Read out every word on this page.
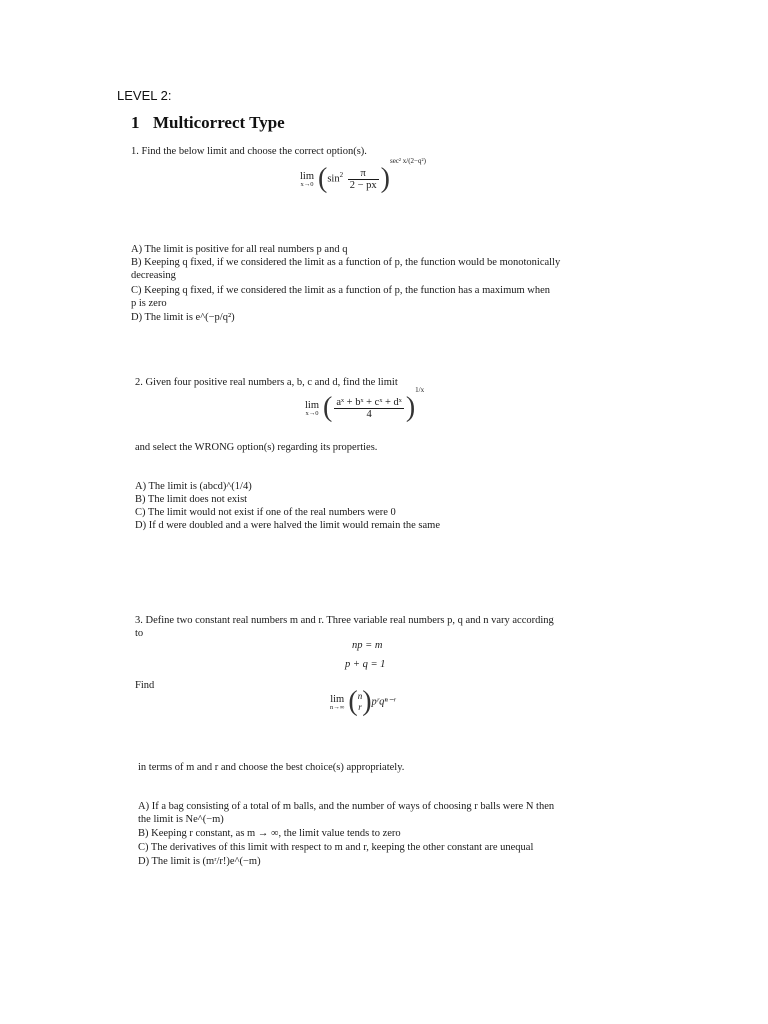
LEVEL 2:
1 Multicorrect Type
1. Find the below limit and choose the correct option(s).
lim
x→0 $(\sin^2 \frac{\pi}{2 - px} )^{sec^2 x/(2-q^2)}$
A) The limit is positive for all real numbers p and q
B) Keeping q fixed, if we considered the limit as a function of p, the function would be monotonically
decreasing
C) Keeping q fixed, if we considered the limit as a function of p, the function has a maximum when
p is zero
D) The limit is e^(−p/q²)
2. Given four positive real numbers a, b, c and d, find the limit
lim
x→0 ( $\frac{\text{aˣ + bˣ + cˣ + dˣ}}{4} )^{1/x}$
and select the WRONG option(s) regarding its properties.
A) The limit is (abcd)^(1/4)
B) The limit does not exist
C) The limit would not exist if one of the real numbers were 0
D) If d were doubled and a were halved the limit would remain the same
3. Define two constant real numbers m and r. Three variable real numbers p, q and n vary according
to
np = m
p + q = 1
Find
lim
n→∞ ( n
r )pʳqⁿ⁻ʳ
in terms of m and r and choose the best choice(s) appropriately.
A) If a bag consisting of a total of m balls, and the number of ways of choosing r balls were N then
the limit is Ne^(−m)
B) Keeping r constant, as m → ∞, the limit value tends to zero
C) The derivatives of this limit with respect to m and r, keeping the other constant are unequal
D) The limit is (mʳ/r!)e^(−m)
